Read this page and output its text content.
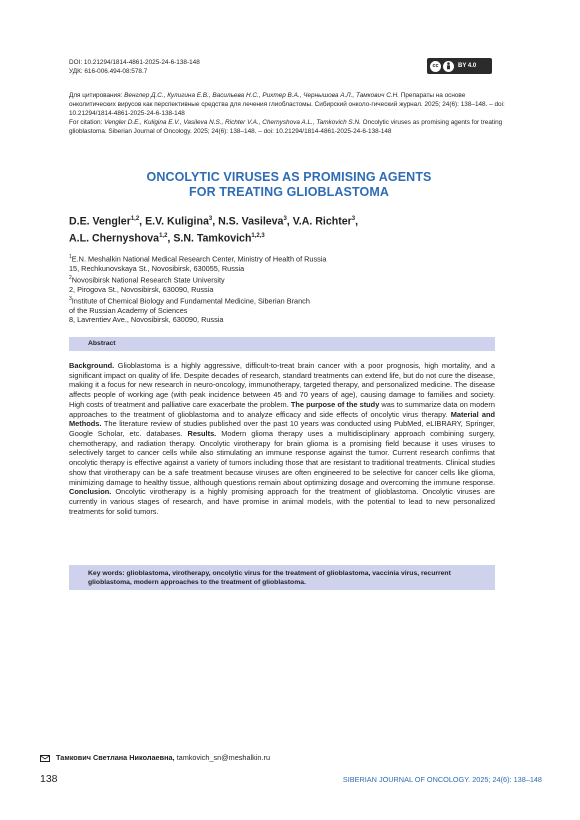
DOI: 10.21294/1814-4861-2025-24-6-138-148
УДК: 616-006.494-08:578.7
cc	BY 4.0
Для цитирования: Венглер Д.С., Кулигина Е.В., Васильева Н.С., Рихтер В.А., Чернышова А.Л., Тамкович С.Н. Препараты на основе онколитических вирусов как перспективные средства для лечения глиобластомы. Сибирский онколо-гический журнал. 2025; 24(6): 138–148. – doi: 10.21294/1814-4861-2025-24-6-138-148
For citation: Vengler D.E., Kuligina E.V., Vasileva N.S., Richter V.A., Chernyshova A.L., Tamkovich S.N. Oncolytic viruses as promising agents for treating glioblastoma. Siberian Journal of Oncology. 2025; 24(6): 138–148. – doi: 10.21294/1814-4861-2025-24-6-138-148
ONCOLYTIC VIRUSES AS PROMISING AGENTS
FOR TREATING GLIOBLASTOMA
D.E. Vengler$^{1,2}$, E.V. Kuligina$^3$, N.S. Vasileva$^3$, V.A. Richter$^3$,
A.L. Chernyshova$^{1,2}$, S.N. Tamkovich$^{1,2,3}$
$^1$E.N. Meshalkin National Medical Research Center, Ministry of Health of Russia
15, Rechkunovskaya St., Novosibirsk, 630055, Russia
$^2$Novosibirsk National Research State University
2, Pirogova St., Novosibirsk, 630090, Russia
$^3$Institute of Chemical Biology and Fundamental Medicine, Siberian Branch
of the Russian Academy of Sciences
8, Lavrentiev Ave., Novosibirsk, 630090, Russia
Abstract
Background. Glioblastoma is a highly aggressive, difficult-to-treat brain cancer with a poor prognosis, high mortality, and a significant impact on quality of life. Despite decades of research, standard treatments can extend life, but do not cure the disease, making it a focus for new research in neuro-oncology, immunotherapy, targeted therapy, and personalized medicine. The disease affects people of working age (with peak incidence between 45 and 70 years of age), causing damage to families and society. High costs of treatment and palliative care exacerbate the problem. The purpose of the study was to summarize data on modern approaches to the treatment of glioblastoma and to analyze efficacy and side effects of oncolytic virus therapy. Material and Methods. The literature review of studies published over the past 10 years was conducted using PubMed, eLIBRARY, Springer, Google Scholar, etc. databases. Results. Modern glioma therapy uses a multidisciplinary approach combining surgery, chemotherapy, and radiation therapy. Oncolytic virotherapy for brain glioma is a promising field because it uses viruses to selectively target to cancer cells while also stimulating an immune response against the tumor. Current research confirms that oncolytic therapy is effective against a variety of tumors including those that are resistant to traditional treatments. Clinical studies show that virotherapy can be a safe treatment because viruses are often engineered to be selective for cancer cells like glioma, minimizing damage to healthy tissue, although questions remain about optimizing dosage and overcoming the immune response. Conclusion. Oncolytic virotherapy is a highly promising approach for the treatment of glioblastoma. Oncolytic viruses are currently in various stages of research, and have promise in animal models, with the potential to lead to new personalized treatments for solid tumors.
Key words: glioblastoma, virotherapy, oncolytic virus for the treatment of glioblastoma, vaccinia virus, recurrent glioblastoma, modern approaches to the treatment of glioblastoma.
Тамкович Светлана Николаевна, tamkovich_sn@meshalkin.ru
138	SIBERIAN JOURNAL OF ONCOLOGY. 2025; 24(6): 138–148
